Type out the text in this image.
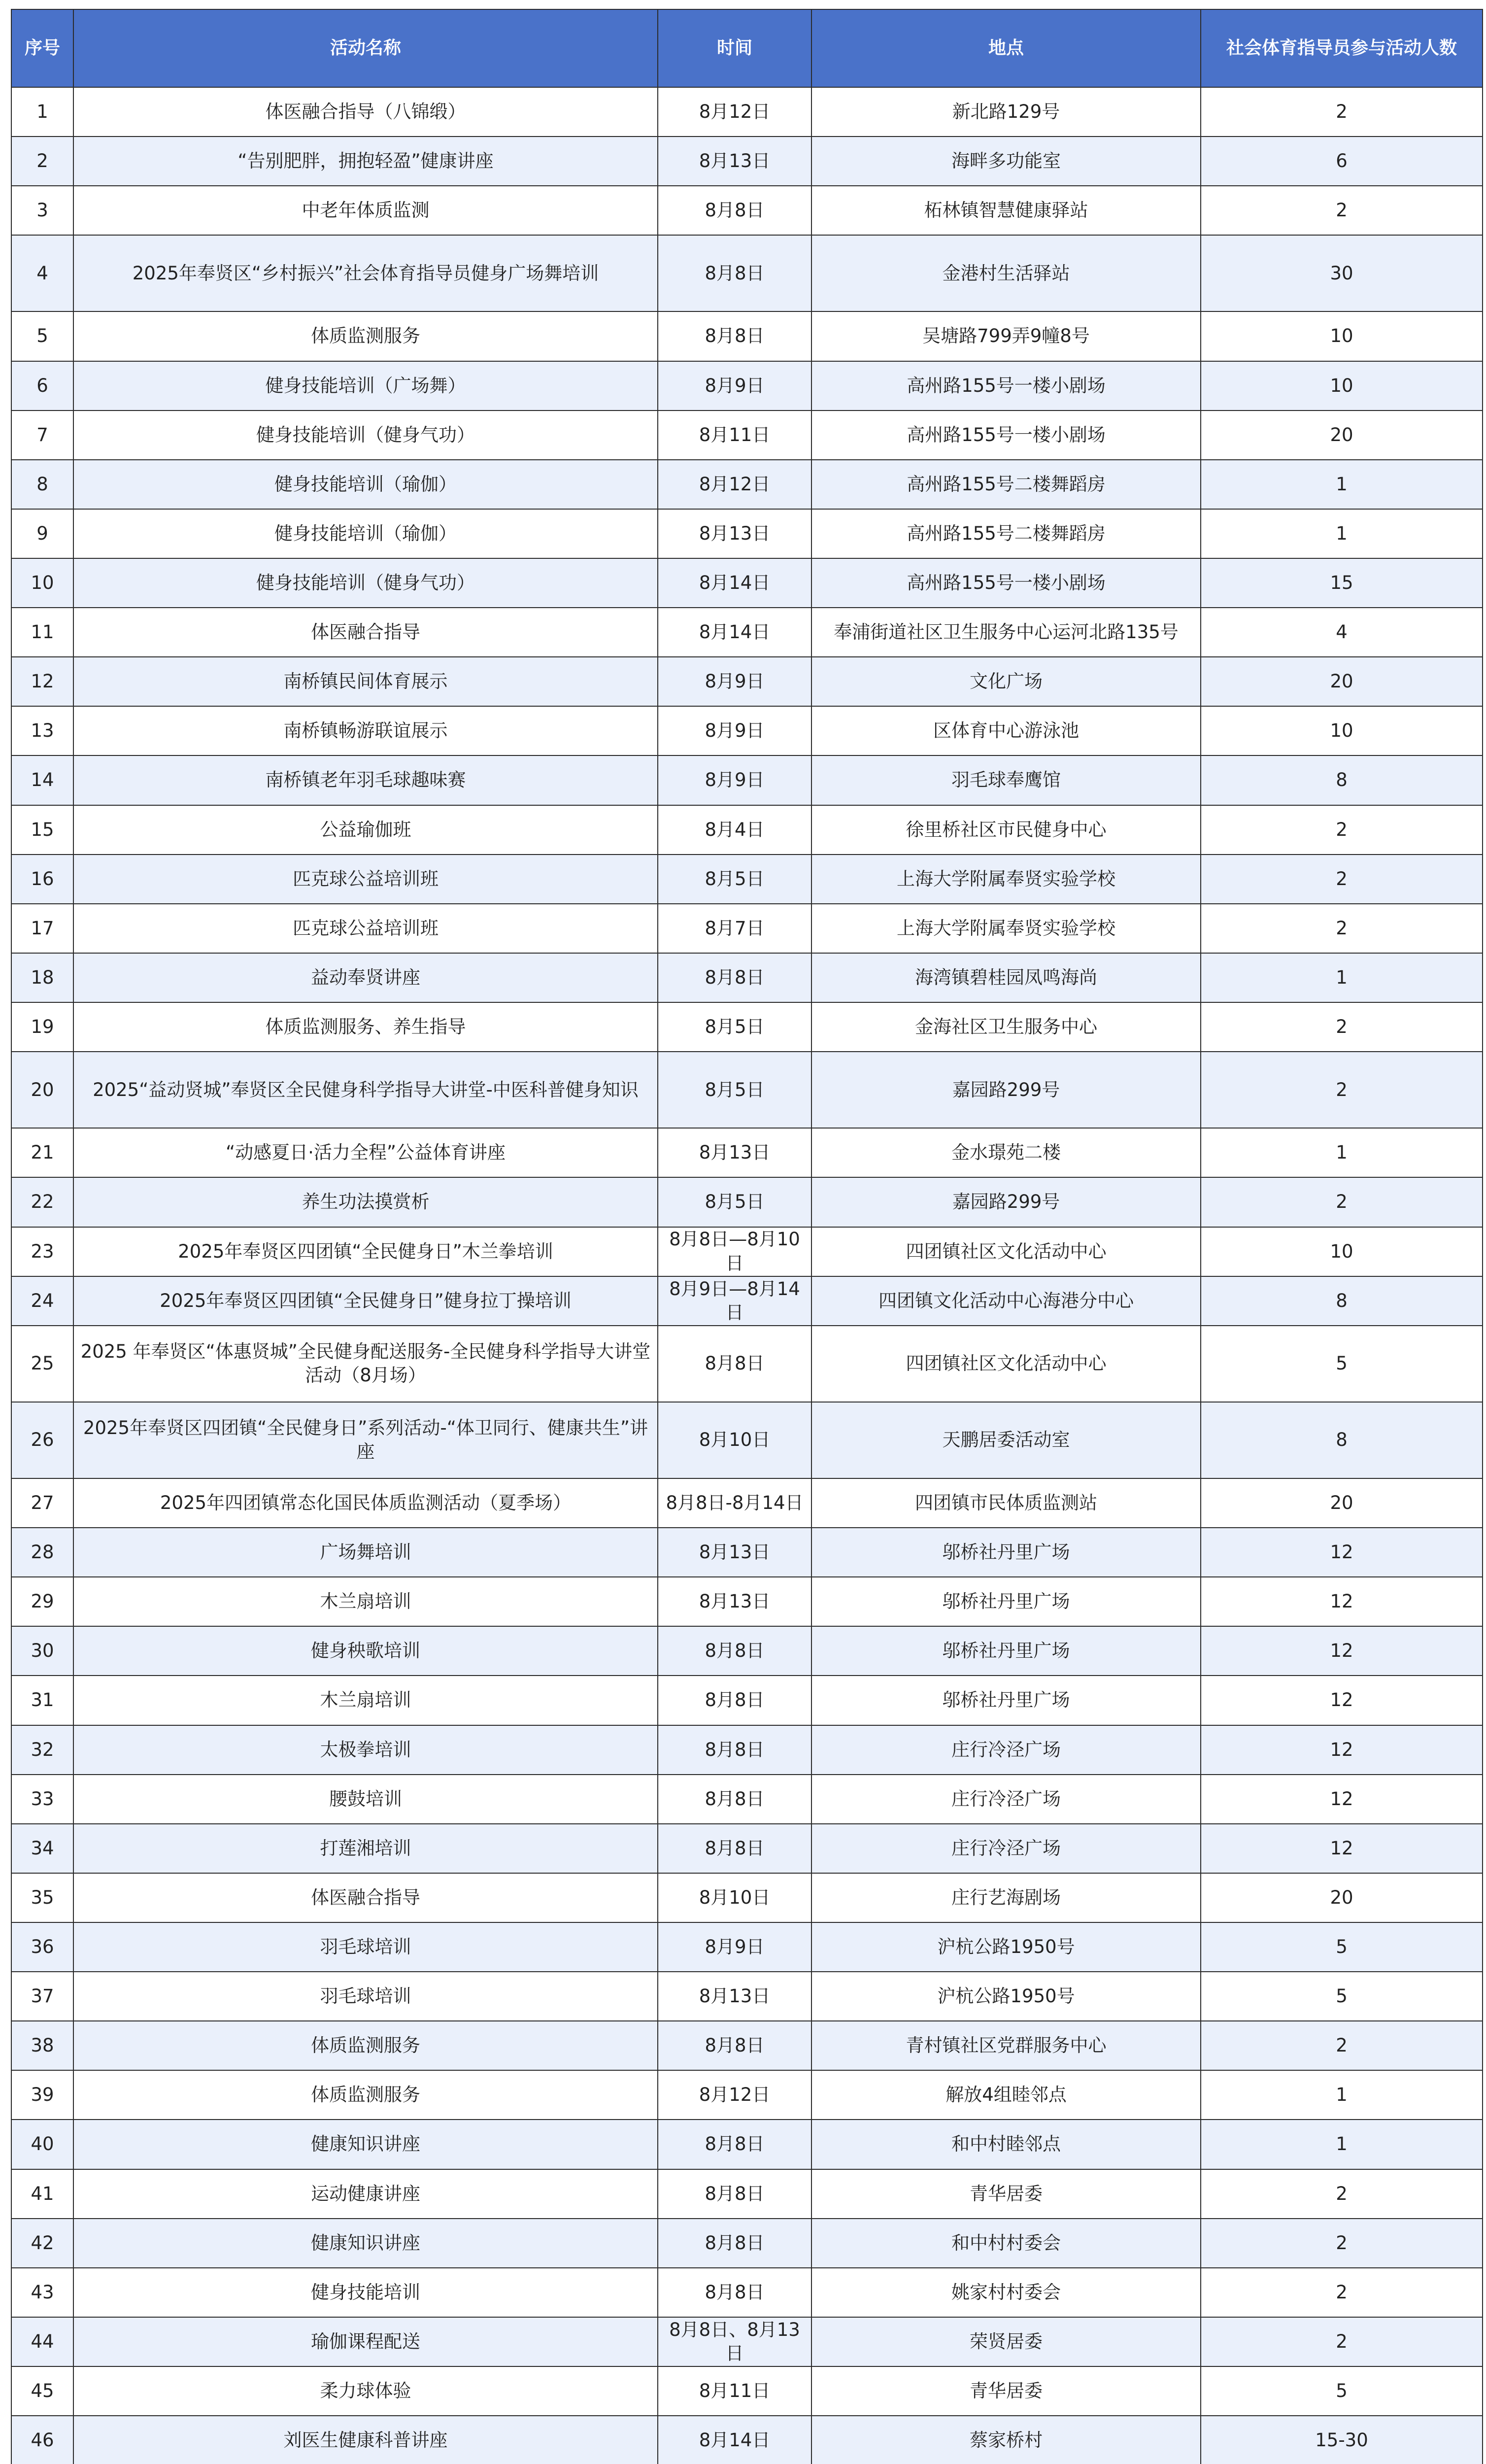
序号	活动名称	时间	地点	社会体育指导员参与活动人数
1	体医融合指导（八锦缎）	8月12日	新北路129号	2
2	“告别肥胖，拥抱轻盈”健康讲座	8月13日	海畔多功能室	6
3	中老年体质监测	8月8日	柘林镇智慧健康驿站	2
4	2025年奉贤区“乡村振兴”社会体育指导员健身广场舞培训	8月8日	金港村生活驿站	30
5	体质监测服务	8月8日	吴塘路799弄9幢8号	10
6	健身技能培训（广场舞）	8月9日	高州路155号一楼小剧场	10
7	健身技能培训（健身气功）	8月11日	高州路155号一楼小剧场	20
8	健身技能培训（瑜伽）	8月12日	高州路155号二楼舞蹈房	1
9	健身技能培训（瑜伽）	8月13日	高州路155号二楼舞蹈房	1
10	健身技能培训（健身气功）	8月14日	高州路155号一楼小剧场	15
11	体医融合指导	8月14日	奉浦街道社区卫生服务中心运河北路135号	4
12	南桥镇民间体育展示	8月9日	文化广场	20
13	南桥镇畅游联谊展示	8月9日	区体育中心游泳池	10
14	南桥镇老年羽毛球趣味赛	8月9日	羽毛球奉鹰馆	8
15	公益瑜伽班	8月4日	徐里桥社区市民健身中心	2
16	匹克球公益培训班	8月5日	上海大学附属奉贤实验学校	2
17	匹克球公益培训班	8月7日	上海大学附属奉贤实验学校	2
18	益动奉贤讲座	8月8日	海湾镇碧桂园凤鸣海尚	1
19	体质监测服务、养生指导	8月5日	金海社区卫生服务中心	2
20	2025“益动贤城”奉贤区全民健身科学指导大讲堂-中医科普健身知识	8月5日	嘉园路299号	2
21	“动感夏日·活力全程”公益体育讲座	8月13日	金水璟苑二楼	1
22	养生功法摸赏析	8月5日	嘉园路299号	2
23	2025年奉贤区四团镇“全民健身日”木兰拳培训	8月8日—8月10日	四团镇社区文化活动中心	10
24	2025年奉贤区四团镇“全民健身日”健身拉丁操培训	8月9日—8月14日	四团镇文化活动中心海港分中心	8
25	2025 年奉贤区“体惠贤城”全民健身配送服务-全民健身科学指导大讲堂活动（8月场）	8月8日	四团镇社区文化活动中心	5
26	2025年奉贤区四团镇“全民健身日”系列活动-“体卫同行、健康共生”讲座	8月10日	天鹏居委活动室	8
27	2025年四团镇常态化国民体质监测活动（夏季场）	8月8日-8月14日	四团镇市民体质监测站	20
28	广场舞培训	8月13日	邬桥社丹里广场	12
29	木兰扇培训	8月13日	邬桥社丹里广场	12
30	健身秧歌培训	8月8日	邬桥社丹里广场	12
31	木兰扇培训	8月8日	邬桥社丹里广场	12
32	太极拳培训	8月8日	庄行冷泾广场	12
33	腰鼓培训	8月8日	庄行冷泾广场	12
34	打莲湘培训	8月8日	庄行冷泾广场	12
35	体医融合指导	8月10日	庄行艺海剧场	20
36	羽毛球培训	8月9日	沪杭公路1950号	5
37	羽毛球培训	8月13日	沪杭公路1950号	5
38	体质监测服务	8月8日	青村镇社区党群服务中心	2
39	体质监测服务	8月12日	解放4组睦邻点	1
40	健康知识讲座	8月8日	和中村睦邻点	1
41	运动健康讲座	8月8日	青华居委	2
42	健康知识讲座	8月8日	和中村村委会	2
43	健身技能培训	8月8日	姚家村村委会	2
44	瑜伽课程配送	8月8日、8月13日	荣贤居委	2
45	柔力球体验	8月11日	青华居委	5
46	刘医生健康科普讲座	8月14日	蔡家桥村	15-30
